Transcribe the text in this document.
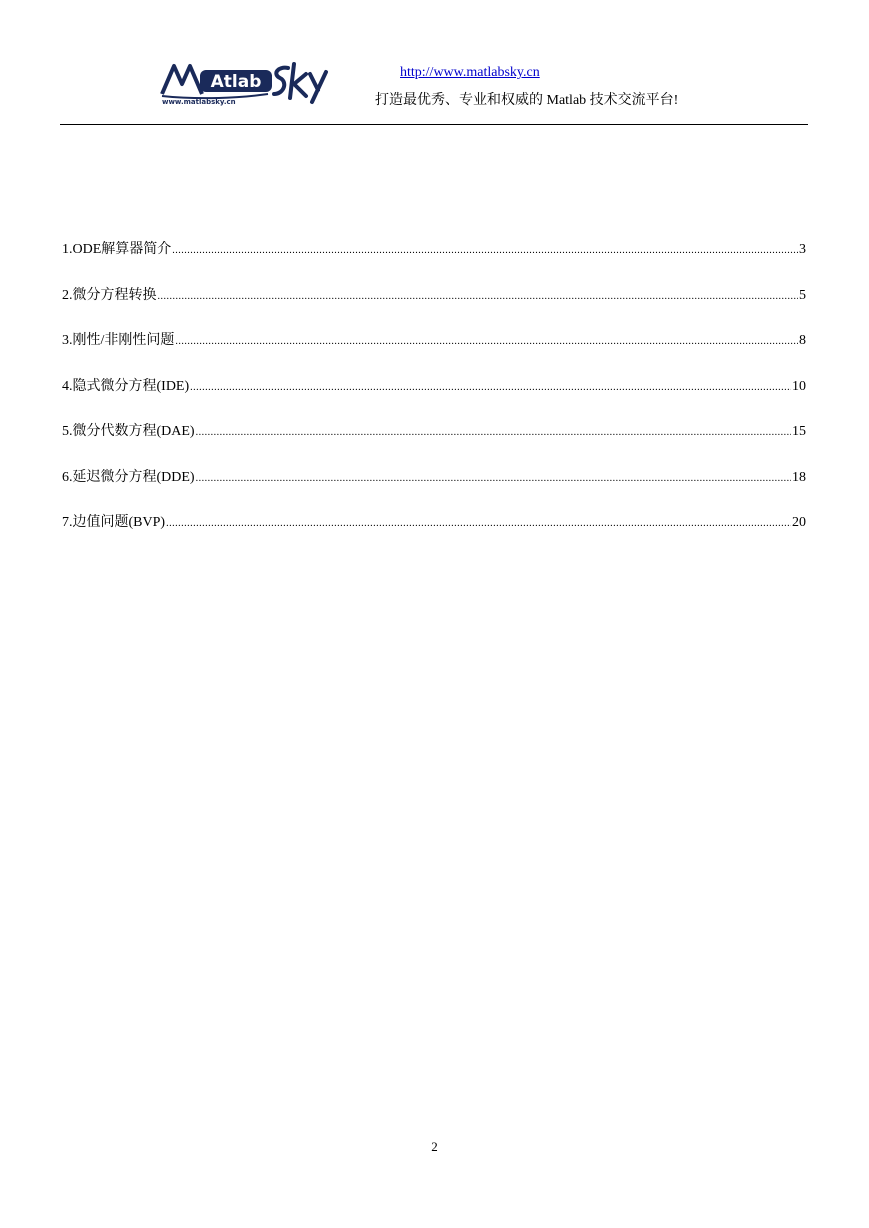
Atlab
www.matlabsky.cn
http://www.matlabsky.cn
打造最优秀、专业和权威的 Matlab 技术交流平台!
1.ODE解算器简介 .....	3
2.微分方程转换 .....	5
3.刚性/非刚性问题 .....	8
4.隐式微分方程(IDE) .....	10
5.微分代数方程(DAE) .....	15
6.延迟微分方程(DDE) .....	18
7.边值问题(BVP) .....	20
2
